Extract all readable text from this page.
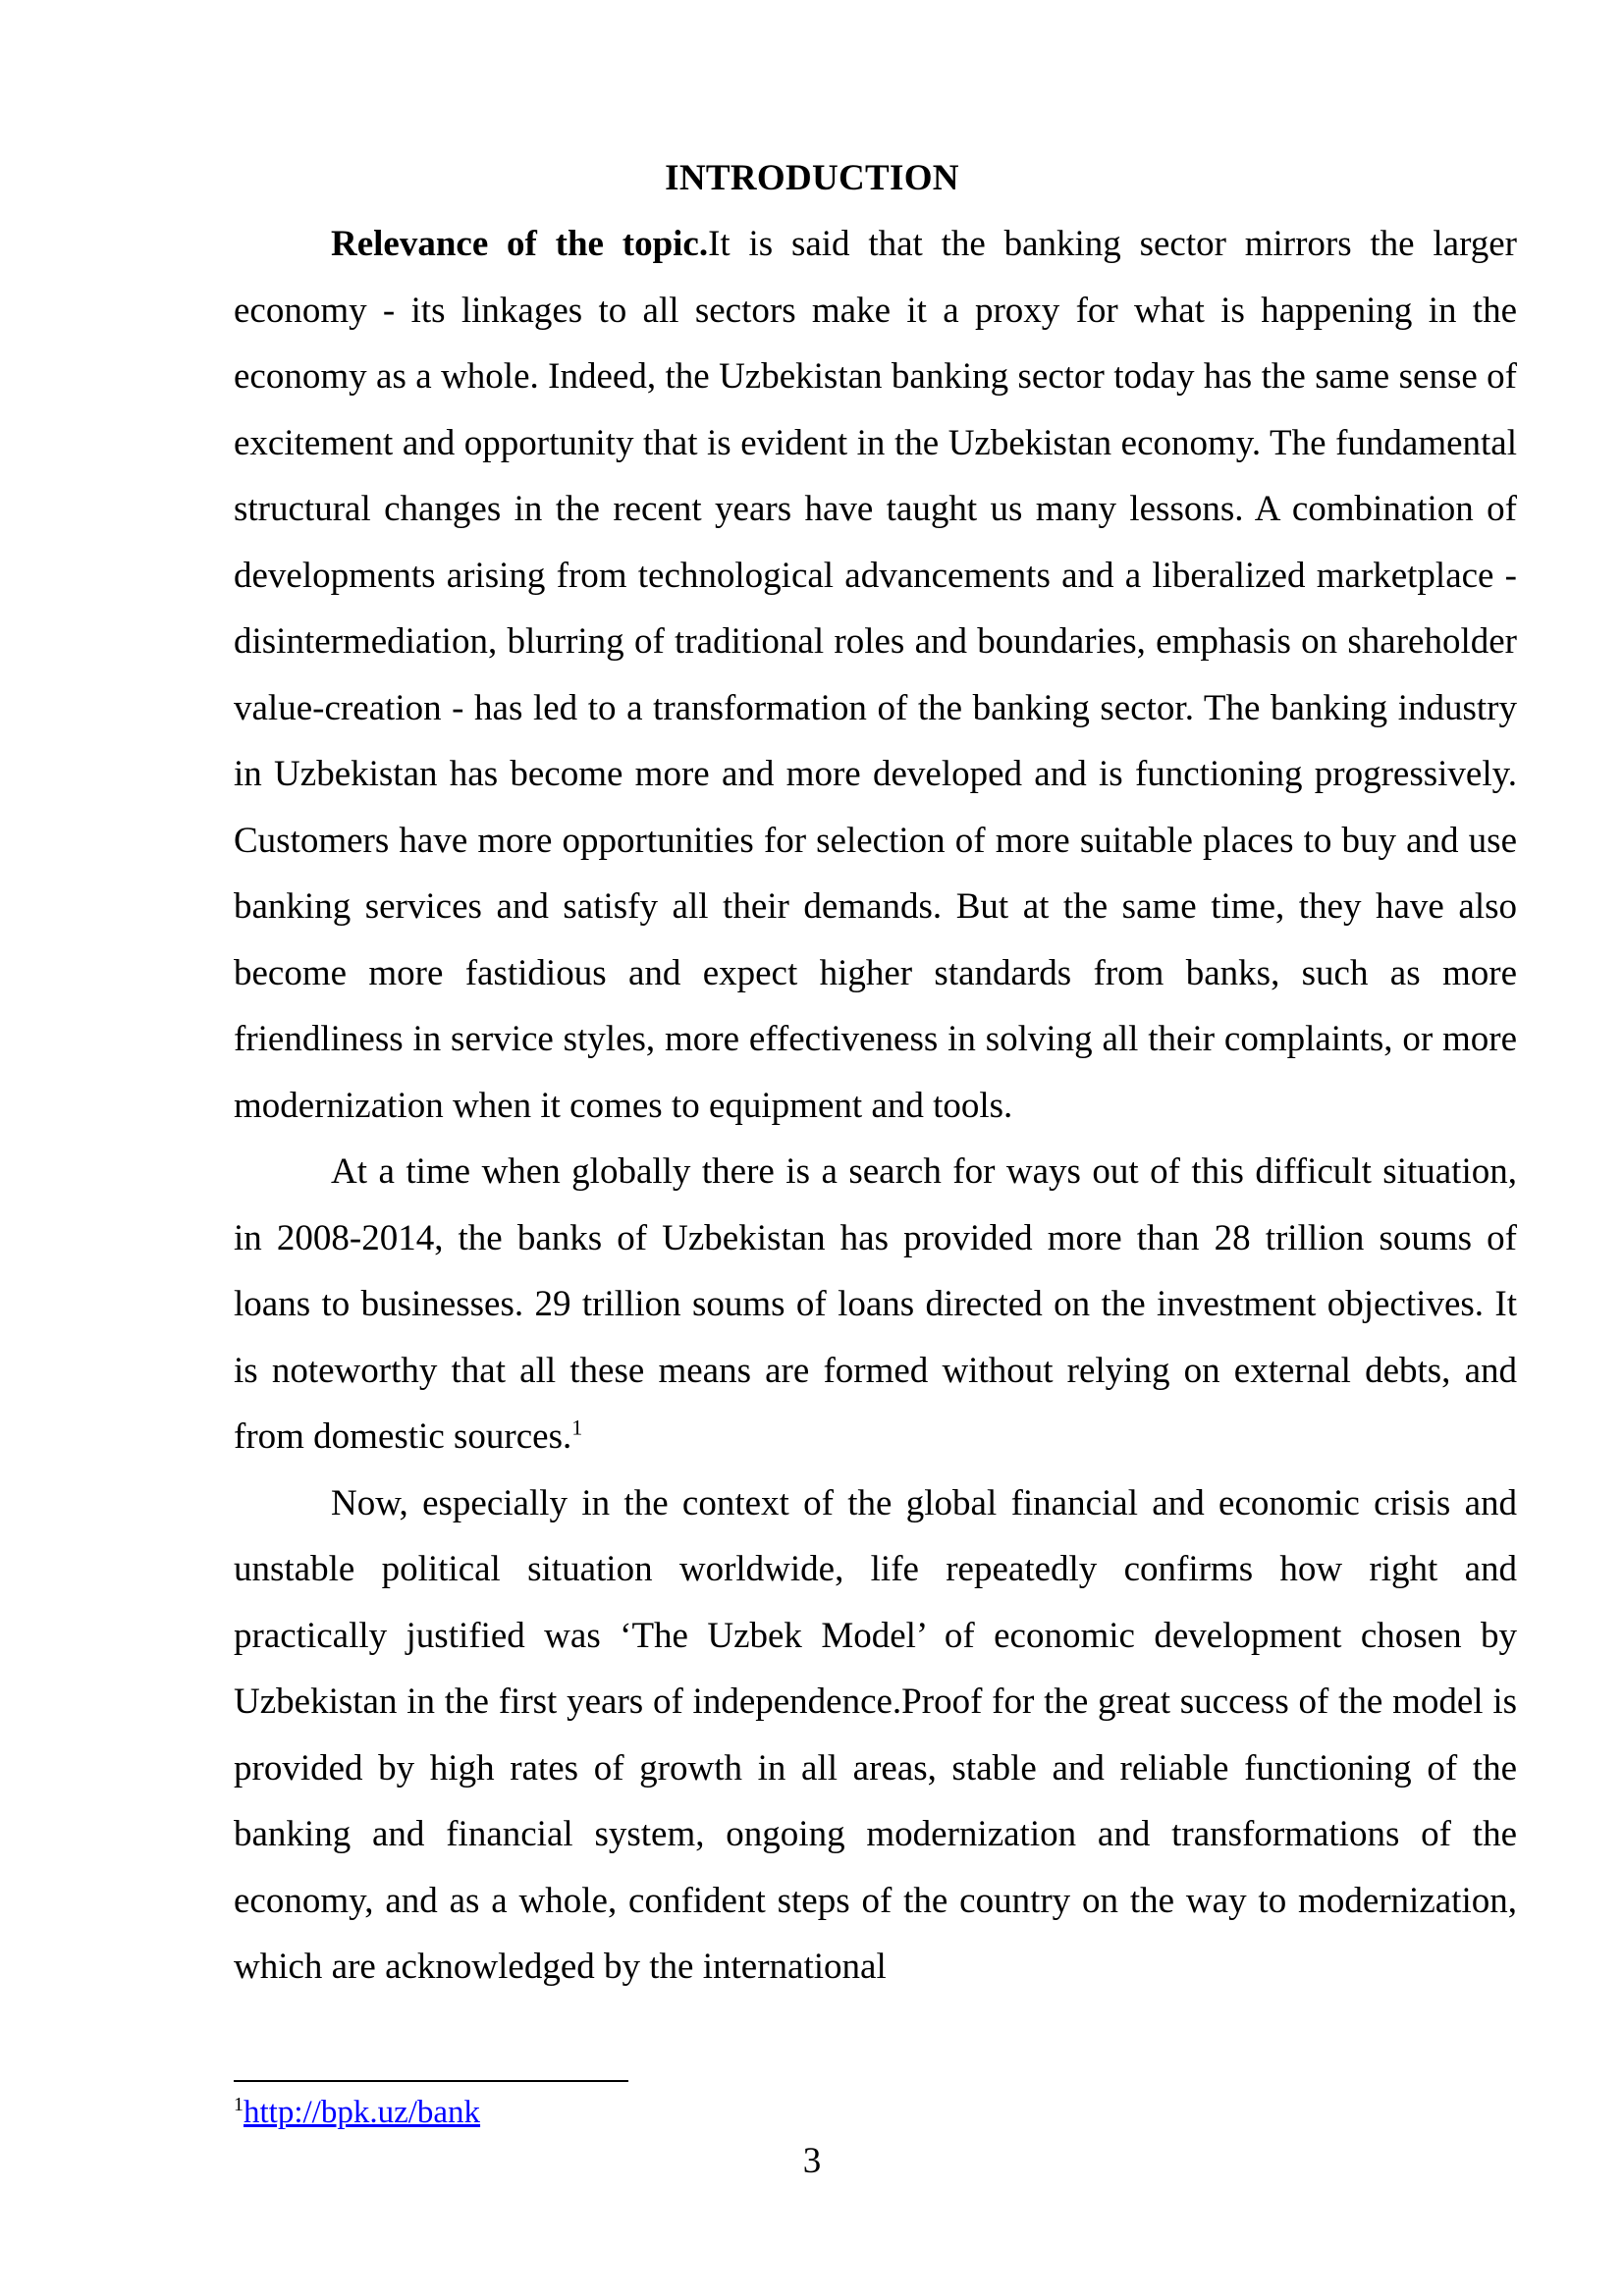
INTRODUCTION

Relevance of the topic.It is said that the banking sector mirrors the larger economy - its linkages to all sectors make it a proxy for what is happening in the economy as a whole. Indeed, the Uzbekistan banking sector today has the same sense of excitement and opportunity that is evident in the Uzbekistan economy. The fundamental structural changes in the recent years have taught us many lessons. A combination of developments arising from technological advancements and a liberalized marketplace - disintermediation, blurring of traditional roles and boundaries, emphasis on shareholder value-creation - has led to a transformation of the banking sector. The banking industry in Uzbekistan has become more and more developed and is functioning progressively. Customers have more opportunities for selection of more suitable places to buy and use banking services and satisfy all their demands. But at the same time, they have also become more fastidious and expect higher standards from banks, such as more friendliness in service styles, more effectiveness in solving all their complaints, or more modernization when it comes to equipment and tools.

At a time when globally there is a search for ways out of this difficult situation, in 2008-2014, the banks of Uzbekistan has provided more than 28 trillion soums of loans to businesses. 29 trillion soums of loans directed on the investment objectives. It is noteworthy that all these means are formed without relying on external debts, and from domestic sources.$^1$

Now, especially in the context of the global financial and economic crisis and unstable political situation worldwide, life repeatedly confirms how right and practically justified was ‘The Uzbek Model’ of economic development chosen by Uzbekistan in the first years of independence.Proof for the great success of the model is provided by high rates of growth in all areas, stable and reliable functioning of the banking and financial system, ongoing modernization and transformations of the economy, and as a whole, confident steps of the country on the way to modernization, which are acknowledged by the international

$^1$http://bpk.uz/bank

3
